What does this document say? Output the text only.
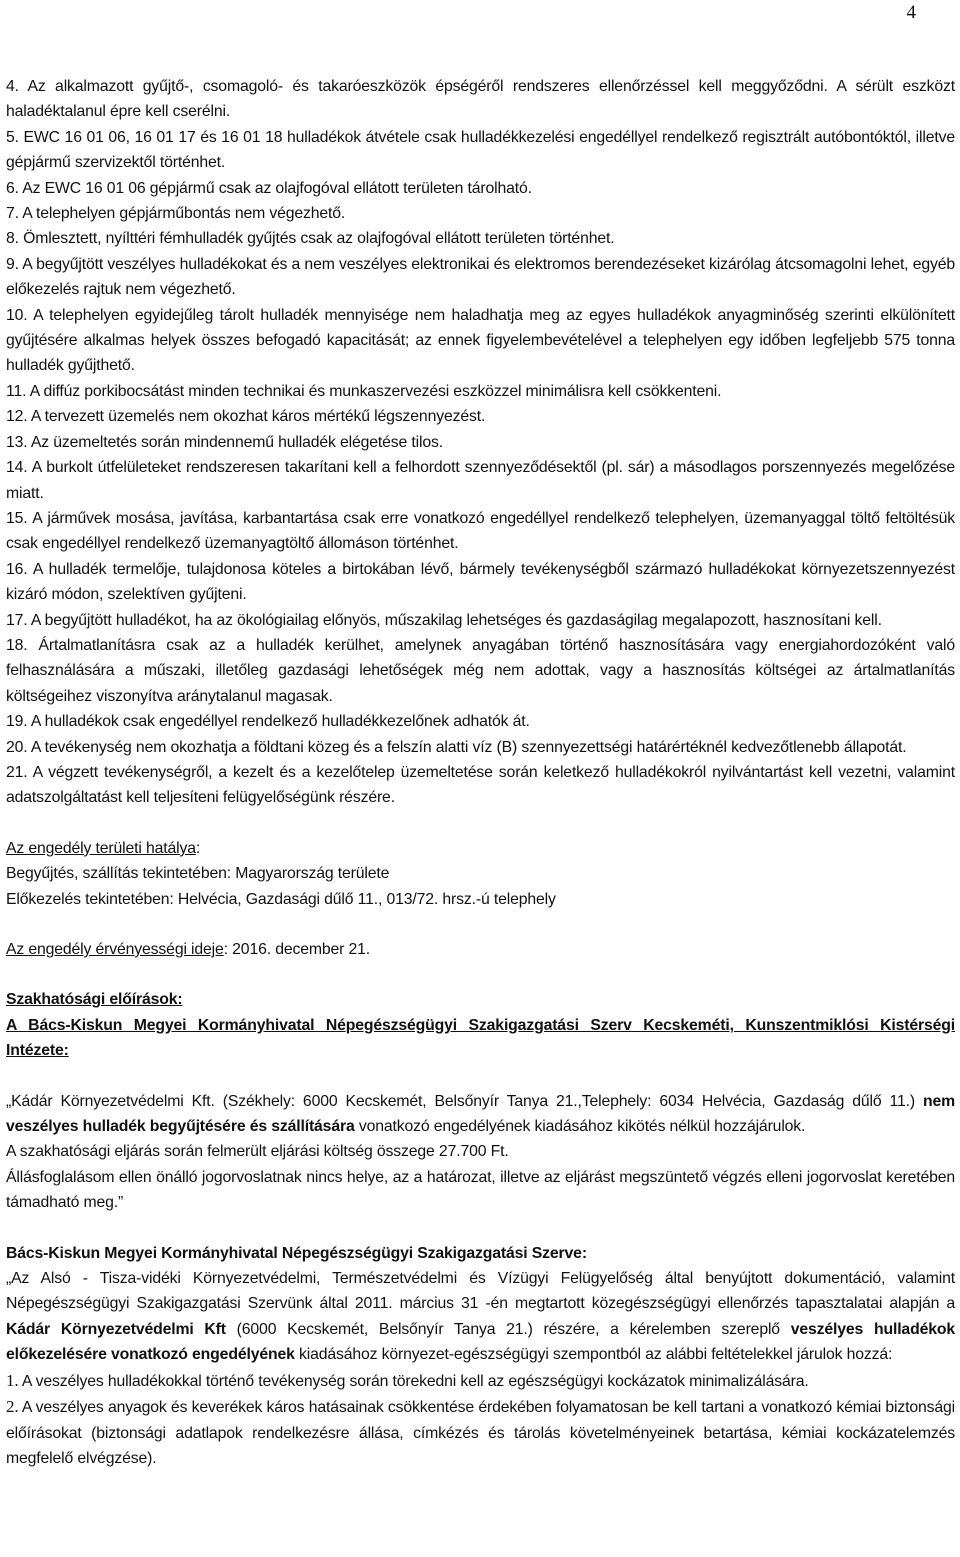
4

4. Az alkalmazott gyűjtő-, csomagoló- és takaróeszközök épségéről rendszeres ellenőrzéssel kell meggyőződni. A sérült eszközt haladéktalanul épre kell cserélni.

5. EWC 16 01 06, 16 01 17 és 16 01 18 hulladékok átvétele csak hulladékkezelési engedéllyel rendelkező regisztrált autóbontóktól, illetve gépjármű szervizektől történhet.

6. Az EWC 16 01 06 gépjármű csak az olajfogóval ellátott területen tárolható.

7. A telephelyen gépjárműbontás nem végezhető.

8. Ömlesztett, nyílttéri fémhulladék gyűjtés csak az olajfogóval ellátott területen történhet.

9. A begyűjtött veszélyes hulladékokat és a nem veszélyes elektronikai és elektromos berendezéseket kizárólag átcsomagolni lehet, egyéb előkezelés rajtuk nem végezhető.

10. A telephelyen egyidejűleg tárolt hulladék mennyisége nem haladhatja meg az egyes hulladékok anyagminőség szerinti elkülönített gyűjtésére alkalmas helyek összes befogadó kapacitását; az ennek figyelembevételével a telephelyen egy időben legfeljebb 575 tonna hulladék gyűjthető.

11. A diffúz porkibocsátást minden technikai és munkaszervezési eszközzel minimálisra kell csökkenteni.

12. A tervezett üzemelés nem okozhat káros mértékű légszennyezést.

13. Az üzemeltetés során mindennemű hulladék elégetése tilos.

14. A burkolt útfelületeket rendszeresen takarítani kell a felhordott szennyeződésektől (pl. sár) a másodlagos porszennyezés megelőzése miatt.

15. A járművek mosása, javítása, karbantartása csak erre vonatkozó engedéllyel rendelkező telephelyen, üzemanyaggal töltő feltöltésük csak engedéllyel rendelkező üzemanyagtöltő állomáson történhet.

16. A hulladék termelője, tulajdonosa köteles a birtokában lévő, bármely tevékenységből származó hulladékokat környezetszennyezést kizáró módon, szelektíven gyűjteni.

17. A begyűjtött hulladékot, ha az ökológiailag előnyös, műszakilag lehetséges és gazdaságilag megalapozott, hasznosítani kell.

18. Ártalmatlanításra csak az a hulladék kerülhet, amelynek anyagában történő hasznosítására vagy energiahordozóként való felhasználására a műszaki, illetőleg gazdasági lehetőségek még nem adottak, vagy a hasznosítás költségei az ártalmatlanítás költségeihez viszonyítva aránytalanul magasak.

19. A hulladékok csak engedéllyel rendelkező hulladékkezelőnek adhatók át.

20. A tevékenység nem okozhatja a földtani közeg és a felszín alatti víz (B) szennyezettségi határértéknél kedvezőtlenebb állapotát.

21. A végzett tevékenységről, a kezelt és a kezelőtelep üzemeltetése során keletkező hulladékokról nyilvántartást kell vezetni, valamint adatszolgáltatást kell teljesíteni felügyelőségünk részére.

Az engedély területi hatálya:

Begyűjtés, szállítás tekintetében: Magyarország területe

Előkezelés tekintetében: Helvécia, Gazdasági dűlő 11., 013/72. hrsz.-ú telephely

Az engedély érvényességi ideje: 2016. december 21.

Szakhatósági előírások:

A Bács-Kiskun Megyei Kormányhivatal Népegészségügyi Szakigazgatási Szerv Kecskeméti, Kunszentmiklósi Kistérségi Intézete:

„Kádár Környezetvédelmi Kft. (Székhely: 6000 Kecskemét, Belsőnyír Tanya 21.,Telephely: 6034 Helvécia, Gazdaság dűlő 11.) nem veszélyes hulladék begyűjtésére és szállítására vonatkozó engedélyének kiadásához kikötés nélkül hozzájárulok.

A szakhatósági eljárás során felmerült eljárási költség összege 27.700 Ft.

Állásfoglalásom ellen önálló jogorvoslatnak nincs helye, az a határozat, illetve az eljárást megszüntető végzés elleni jogorvoslat keretében támadható meg.”

Bács-Kiskun Megyei Kormányhivatal Népegészségügyi Szakigazgatási Szerve:

„Az Alsó - Tisza-vidéki Környezetvédelmi, Természetvédelmi és Vízügyi Felügyelőség által benyújtott dokumentáció, valamint Népegészségügyi Szakigazgatási Szervünk által 2011. március 31 -én megtartott közegészségügyi ellenőrzés tapasztalatai alapján a Kádár Környezetvédelmi Kft (6000 Kecskemét, Belsőnyír Tanya 21.) részére, a kérelemben szereplő veszélyes hulladékok előkezelésére vonatkozó engedélyének kiadásához környezet-egészségügyi szempontból az alábbi feltételekkel járulok hozzá:

1. A veszélyes hulladékokkal történő tevékenység során törekedni kell az egészségügyi kockázatok minimalizálására.

2. A veszélyes anyagok és keverékek káros hatásainak csökkentése érdekében folyamatosan be kell tartani a vonatkozó kémiai biztonsági előírásokat (biztonsági adatlapok rendelkezésre állása, címkézés és tárolás követelményeinek betartása, kémiai kockázatelemzés megfelelő elvégzése).
